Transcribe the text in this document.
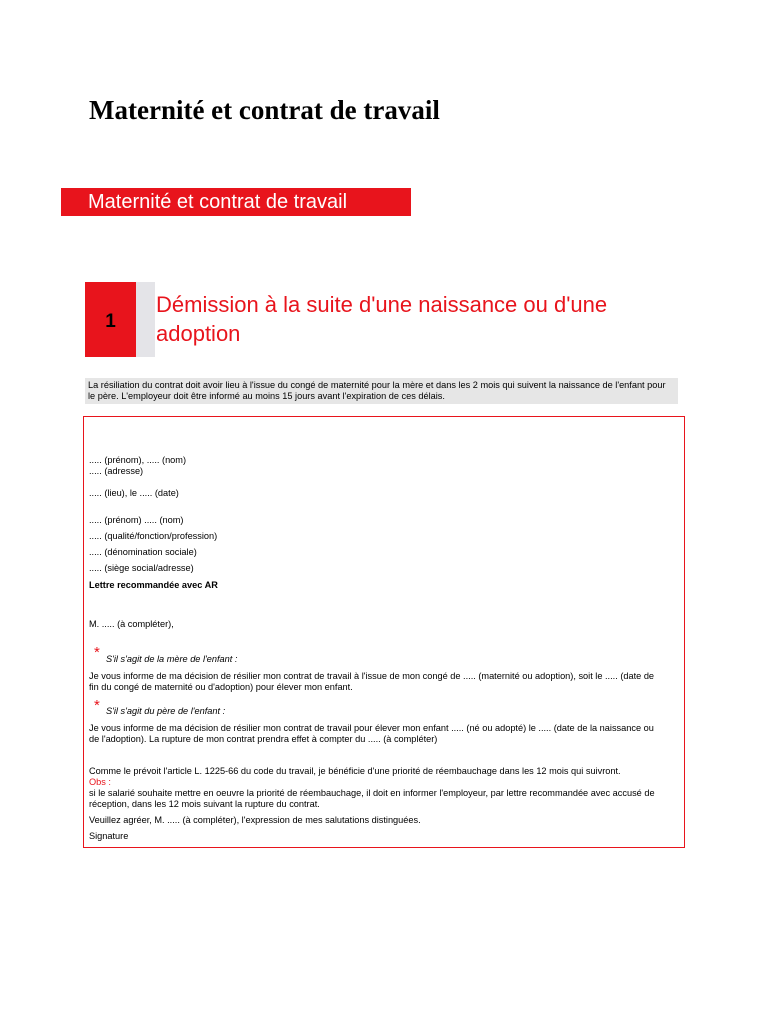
Maternité et contrat de travail
Maternité et contrat de travail
1
Démission à la suite d'une naissance ou d'une adoption
La résiliation du contrat doit avoir lieu à l'issue du congé de maternité pour la mère et dans les 2 mois qui suivent la naissance de l'enfant pour le père. L'employeur doit être informé au moins 15 jours avant l'expiration de ces délais.

..... (prénom), ..... (nom)

..... (adresse)

..... (lieu), le ..... (date)

..... (prénom) ..... (nom)

..... (qualité/fonction/profession)

..... (dénomination sociale)

..... (siège social/adresse)

Lettre recommandée avec AR

M. ..... (à compléter),

* S'il s'agit de la mère de l'enfant :

Je vous informe de ma décision de résilier mon contrat de travail à l'issue de mon congé de ..... (maternité ou adoption), soit le ..... (date de

fin du congé de maternité ou d'adoption) pour élever mon enfant.

* S'il s'agit du père de l'enfant :

Je vous informe de ma décision de résilier mon contrat de travail pour élever mon enfant ..... (né ou adopté) le ..... (date de la naissance ou

de l'adoption). La rupture de mon contrat prendra effet à compter du ..... (à compléter)

Comme le prévoit l'article L. 1225-66 du code du travail, je bénéficie d'une priorité de réembauchage dans les 12 mois qui suivront.

Obs :

si le salarié souhaite mettre en oeuvre la priorité de réembauchage, il doit en informer l'employeur, par lettre recommandée avec accusé de

réception, dans les 12 mois suivant la rupture du contrat.

Veuillez agréer, M. ..... (à compléter), l'expression de mes salutations distinguées.

Signature
